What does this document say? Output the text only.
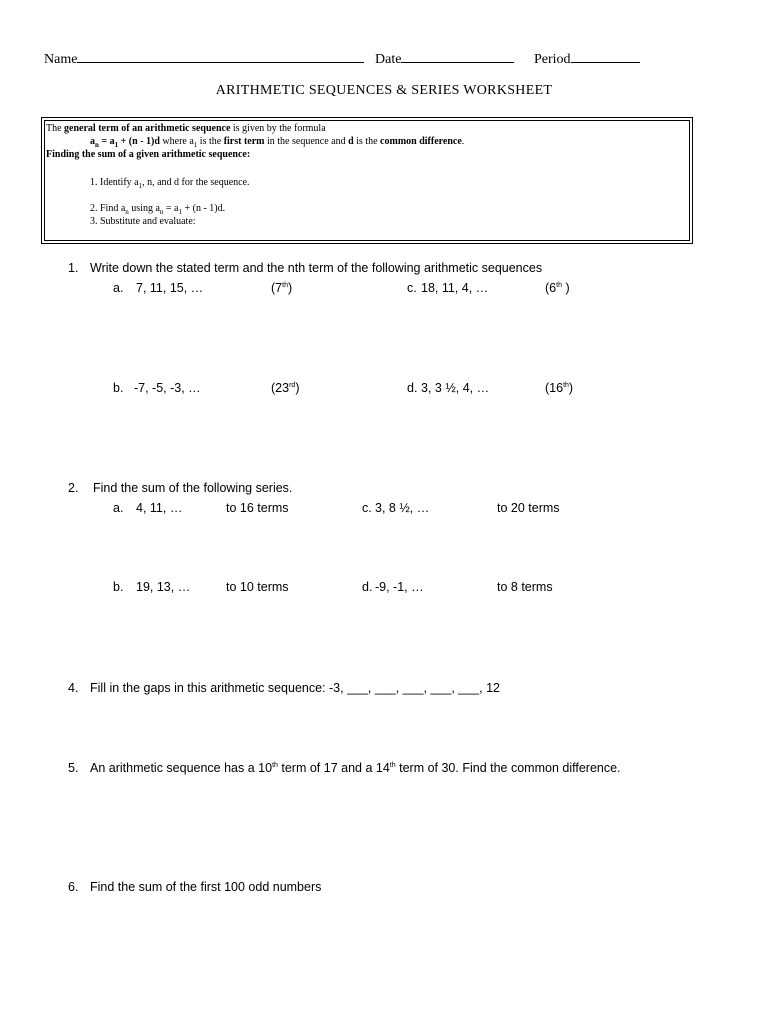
Name	Date	Period
ARITHMETIC SEQUENCES & SERIES WORKSHEET
The general term of an arithmetic sequence is given by the formula
$a_n = a_1 + (n - 1)d$ where $a_1$ is the first term in the sequence and d is the common difference.
Finding the sum of a given arithmetic sequence:
1. Identify $a_1$, n, and d for the sequence.
2. Find $a_n$ using $a_n = a_1 + (n - 1)d$.
3. Substitute and evaluate:
1. Write down the stated term and the nth term of the following arithmetic sequences
a. 7, 11, 15, …	(7th)	c. 18, 11, 4, …	(6th )
b. -7, -5, -3, …	(23rd)	d. 3, 3 ½, 4, …	(16th)
2. Find the sum of the following series.
a. 4, 11, …	to 16 terms	c. 3, 8 ½, …	to 20 terms
b. 19, 13, …	to 10 terms	d. -9, -1, …	to 8 terms
4. Fill in the gaps in this arithmetic sequence: -3, ___, ___, ___, ___, ___, 12
5. An arithmetic sequence has a 10th term of 17 and a 14th term of 30. Find the common difference.
6. Find the sum of the first 100 odd numbers
